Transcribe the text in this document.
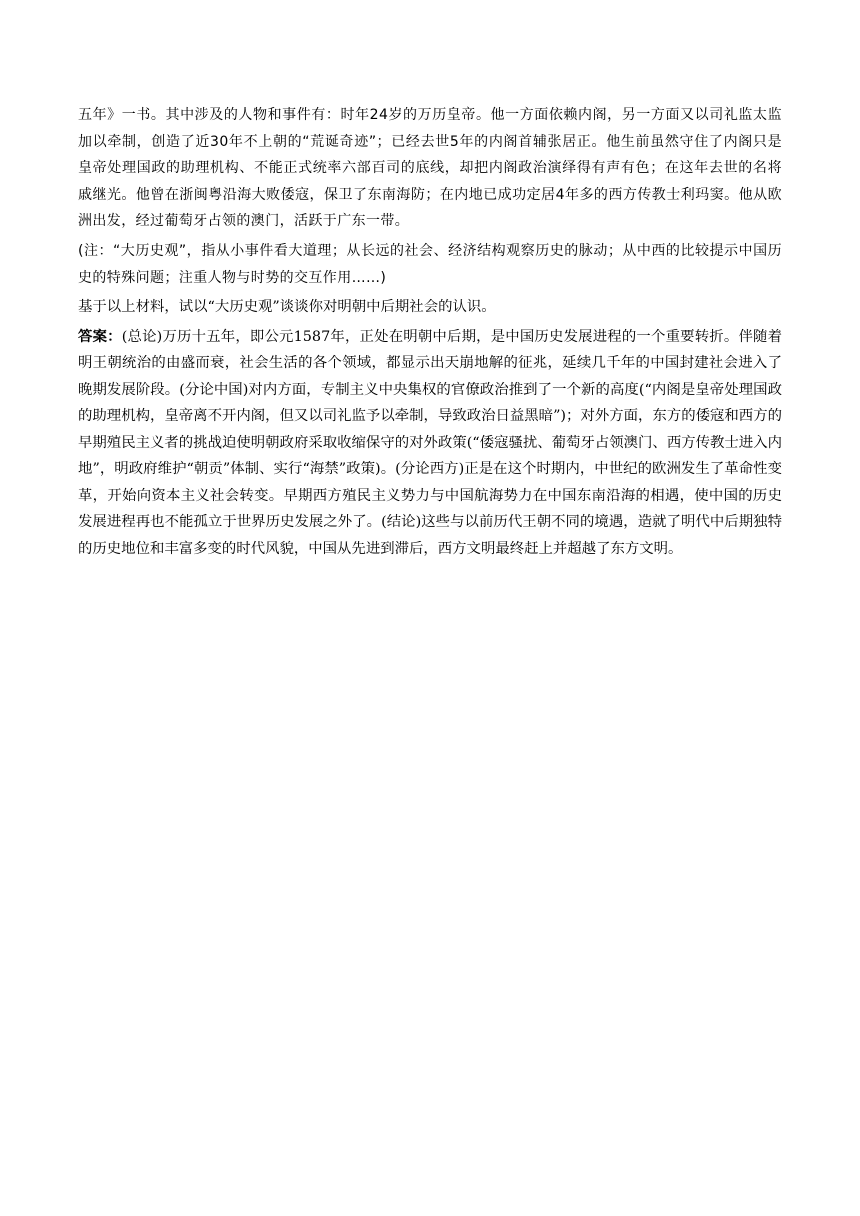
五年》一书。其中涉及的人物和事件有：时年24岁的万历皇帝。他一方面依赖内阁，另一方面又以司礼监太监加以牵制，创造了近30年不上朝的“荒诞奇迹”；已经去世5年的内阁首辅张居正。他生前虽然守住了内阁只是皇帝处理国政的助理机构、不能正式统率六部百司的底线，却把内阁政治演绎得有声有色；在这年去世的名将戚继光。他曾在浙闽粤沿海大败倭寇，保卫了东南海防；在内地已成功定居4年多的西方传教士利玛窦。他从欧洲出发，经过葡萄牙占领的澳门，活跃于广东一带。

(注：“大历史观”，指从小事件看大道理；从长远的社会、经济结构观察历史的脉动；从中西的比较提示中国历史的特殊问题；注重人物与时势的交互作用……)

基于以上材料，试以“大历史观”谈谈你对明朝中后期社会的认识。

答案：(总论)万历十五年，即公元1587年，正处在明朝中后期，是中国历史发展进程的一个重要转折。伴随着明王朝统治的由盛而衰，社会生活的各个领域，都显示出天崩地解的征兆，延续几千年的中国封建社会进入了晚期发展阶段。(分论中国)对内方面，专制主义中央集权的官僚政治推到了一个新的高度(“内阁是皇帝处理国政的助理机构，皇帝离不开内阁，但又以司礼监予以牵制，导致政治日益黑暗”)；对外方面，东方的倭寇和西方的早期殖民主义者的挑战迫使明朝政府采取收缩保守的对外政策(“倭寇骚扰、葡萄牙占领澳门、西方传教士进入内地”，明政府维护“朝贡”体制、实行“海禁”政策)。(分论西方)正是在这个时期内，中世纪的欧洲发生了革命性变革，开始向资本主义社会转变。早期西方殖民主义势力与中国航海势力在中国东南沿海的相遇，使中国的历史发展进程再也不能孤立于世界历史发展之外了。(结论)这些与以前历代王朝不同的境遇，造就了明代中后期独特的历史地位和丰富多变的时代风貌，中国从先进到滞后，西方文明最终赶上并超越了东方文明。
